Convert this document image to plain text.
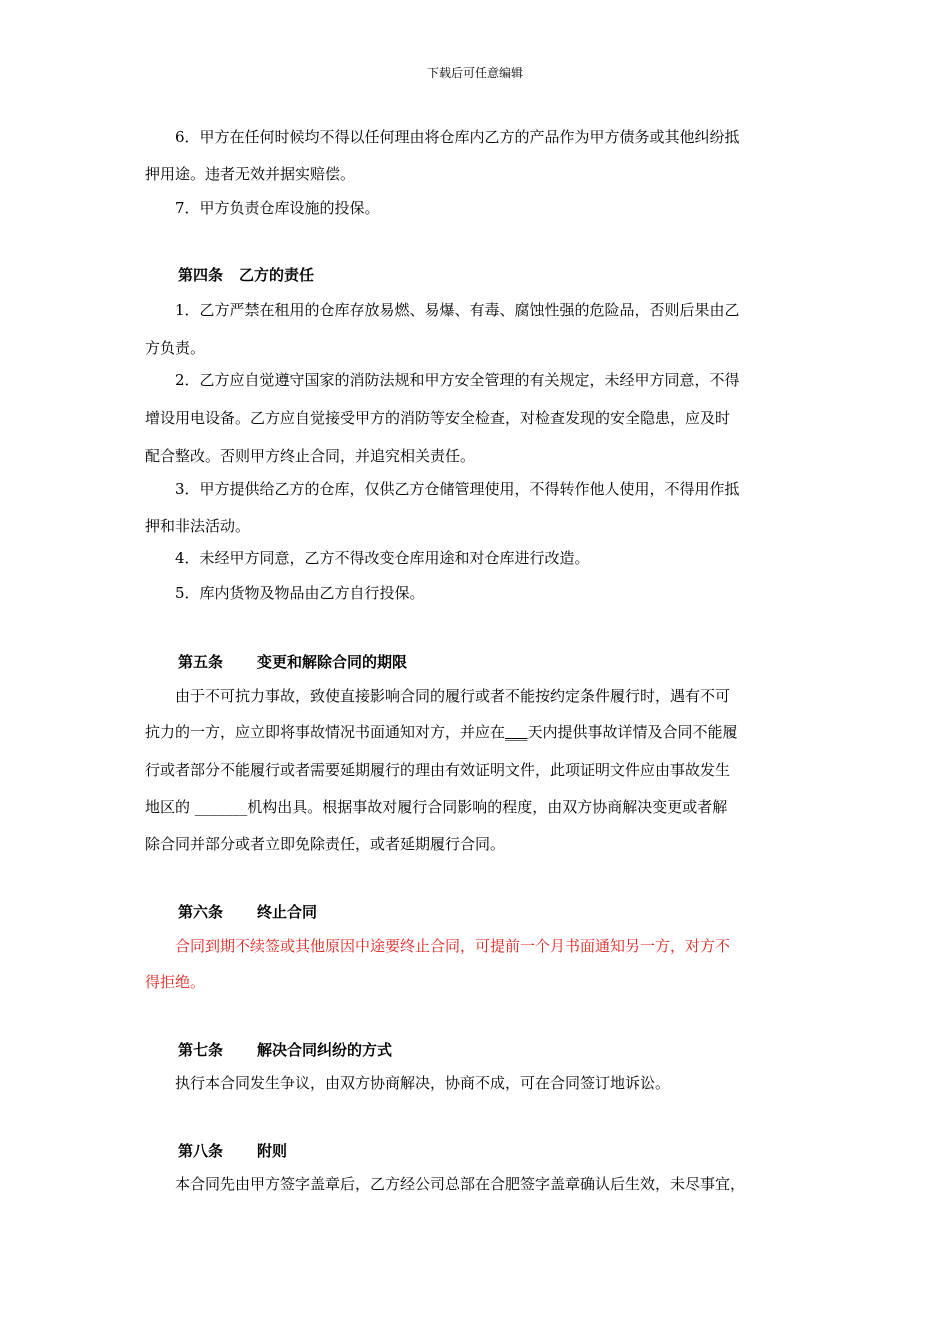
下载后可任意编辑
6．甲方在任何时候均不得以任何理由将仓库内乙方的产品作为甲方债务或其他纠纷抵
押用途。违者无效并据实赔偿。
7．甲方负责仓库设施的投保。
第四条 乙方的责任
1．乙方严禁在租用的仓库存放易燃、易爆、有毒、腐蚀性强的危险品，否则后果由乙
方负责。
2．乙方应自觉遵守国家的消防法规和甲方安全管理的有关规定，未经甲方同意，不得
增设用电设备。乙方应自觉接受甲方的消防等安全检查，对检查发现的安全隐患，应及时
配合整改。否则甲方终止合同，并追究相关责任。
3．甲方提供给乙方的仓库，仅供乙方仓储管理使用，不得转作他人使用，不得用作抵
押和非法活动。
4．未经甲方同意，乙方不得改变仓库用途和对仓库进行改造。
5．库内货物及物品由乙方自行投保。
第五条 变更和解除合同的期限
由于不可抗力事故，致使直接影响合同的履行或者不能按约定条件履行时，遇有不可
抗力的一方，应立即将事故情况书面通知对方，并应在___天内提供事故详情及合同不能履
行或者部分不能履行或者需要延期履行的理由有效证明文件，此项证明文件应由事故发生
地区的 _______机构出具。根据事故对履行合同影响的程度，由双方协商解决变更或者解
除合同并部分或者立即免除责任，或者延期履行合同。
第六条 终止合同
合同到期不续签或其他原因中途要终止合同，可提前一个月书面通知另一方，对方不
得拒绝。
第七条 解决合同纠纷的方式
执行本合同发生争议，由双方协商解决，协商不成，可在合同签订地诉讼。
第八条 附则
本合同先由甲方签字盖章后，乙方经公司总部在合肥签字盖章确认后生效，未尽事宜，
